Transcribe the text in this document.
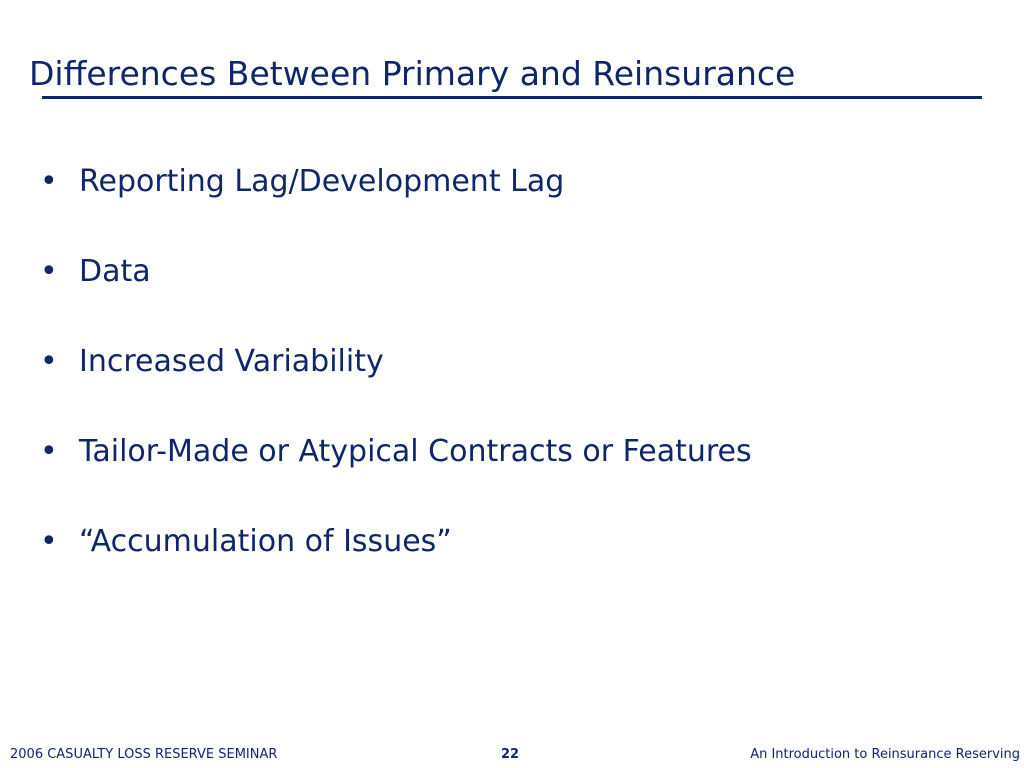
Differences Between Primary and Reinsurance
• Reporting Lag/Development Lag
• Data
• Increased Variability
• Tailor-Made or Atypical Contracts or Features
• “Accumulation of Issues”
2006 CASUALTY LOSS RESERVE SEMINAR	22	An Introduction to Reinsurance Reserving
